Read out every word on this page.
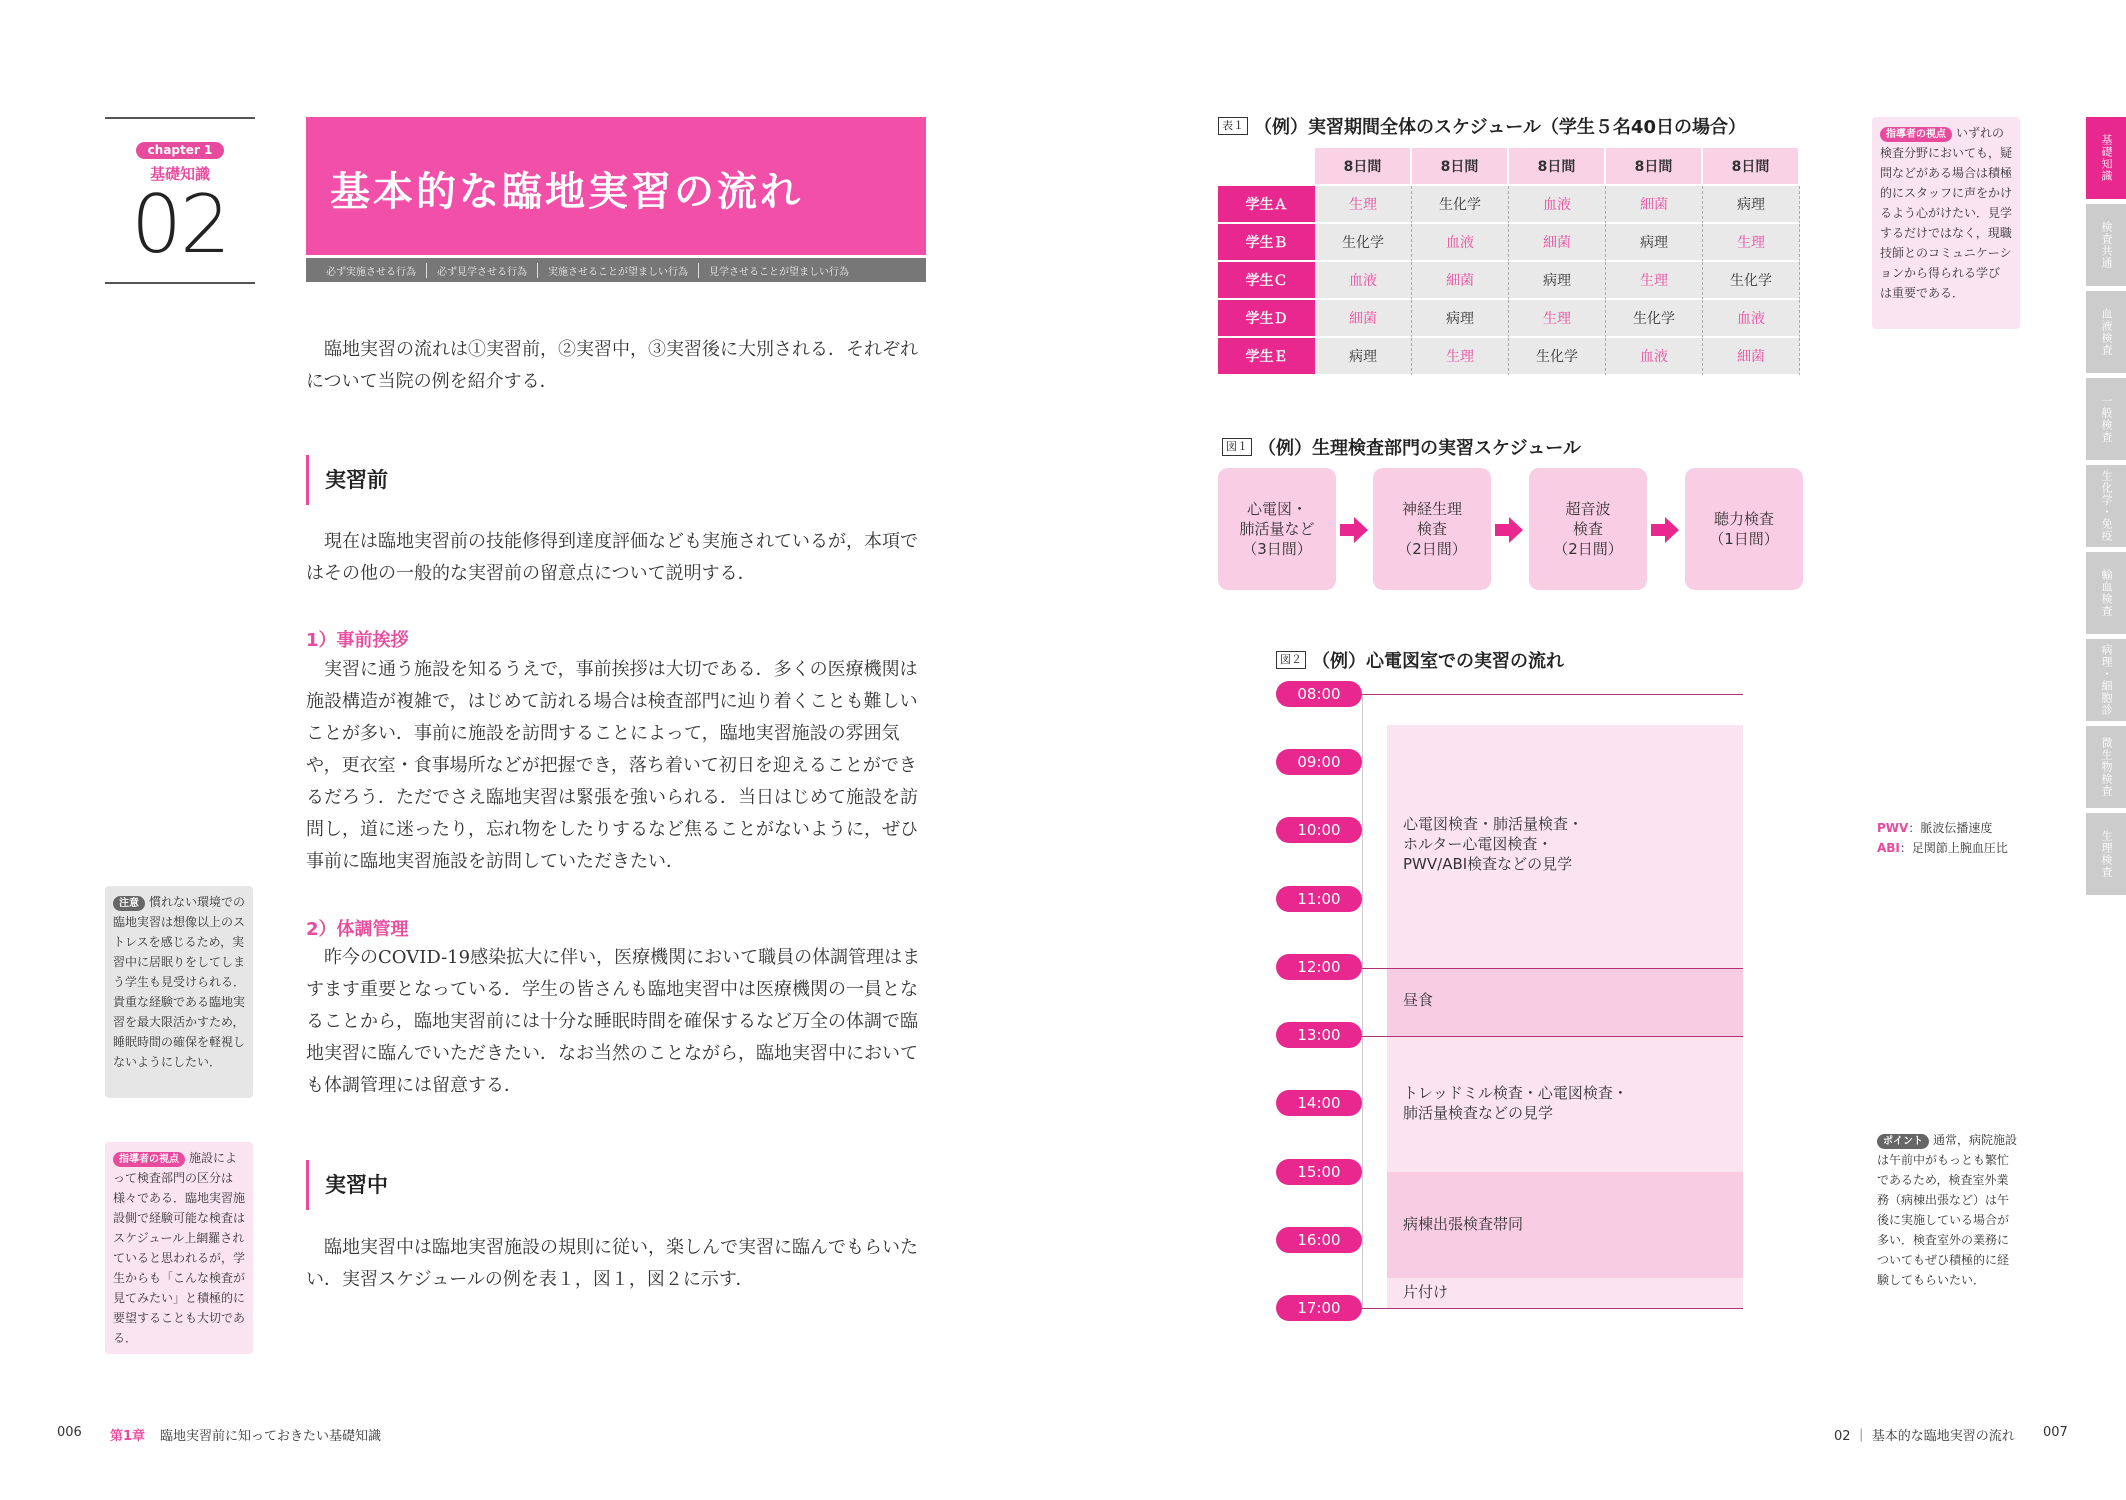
chapter 1
基礎知識
02	基本的な臨地実習の流れ
必ず実施させる行為	必ず見学させる行為	実施させることが望ましい行為	見学させることが望ましい行為
臨地実習の流れは①実習前，②実習中，③実習後に大別される．それぞれについて当院の例を紹介する．
実習前
現在は臨地実習前の技能修得到達度評価なども実施されているが，本項ではその他の一般的な実習前の留意点について説明する．
1）事前挨拶
実習に通う施設を知るうえで，事前挨拶は大切である．多くの医療機関は施設構造が複雑で，はじめて訪れる場合は検査部門に辿り着くことも難しいことが多い．事前に施設を訪問することによって，臨地実習施設の雰囲気や，更衣室・食事場所などが把握でき，落ち着いて初日を迎えることができるだろう．ただでさえ臨地実習は緊張を強いられる．当日はじめて施設を訪問し，道に迷ったり，忘れ物をしたりするなど焦ることがないように，ぜひ事前に臨地実習施設を訪問していただきたい．
2）体調管理
昨今のCOVID-19感染拡大に伴い，医療機関において職員の体調管理はますます重要となっている．学生の皆さんも臨地実習中は医療機関の一員となることから，臨地実習前には十分な睡眠時間を確保するなど万全の体調で臨地実習に臨んでいただきたい．なお当然のことながら，臨地実習中においても体調管理には留意する．
実習中
臨地実習中は臨地実習施設の規則に従い，楽しんで実習に臨んでもらいたい．実習スケジュールの例を表１，図１，図２に示す．
注意 慣れない環境での臨地実習は想像以上のストレスを感じるため，実習中に居眠りをしてしまう学生も見受けられる．貴重な経験である臨地実習を最大限活かすため，睡眠時間の確保を軽視しないようにしたい．
指導者の視点 施設によって検査部門の区分は様々である．臨地実習施設側で経験可能な検査はスケジュール上網羅されていると思われるが，学生からも「こんな検査が見てみたい」と積極的に要望することも大切である．
表１ （例）実習期間全体のスケジュール（学生５名40日の場合）
	8日間	8日間	8日間	8日間	8日間
学生Ａ	生理	生化学	血液	細菌	病理
学生Ｂ	生化学	血液	細菌	病理	生理
学生Ｃ	血液	細菌	病理	生理	生化学
学生Ｄ	細菌	病理	生理	生化学	血液
学生Ｅ	病理	生理	生化学	血液	細菌
図１ （例）生理検査部門の実習スケジュール
心電図・
肺活量など
（3日間）
神経生理
検査
（2日間）
超音波
検査
（2日間）
聴力検査
（1日間）
図２ （例）心電図室での実習の流れ
08:00
09:00
10:00
11:00
12:00
13:00
14:00
15:00
16:00
17:00
心電図検査・肺活量検査・
ホルター心電図検査・
PWV/ABI検査などの見学
昼食
トレッドミル検査・心電図検査・
肺活量検査などの見学
病棟出張検査帯同
片付け
指導者の視点 いずれの検査分野においても，疑問などがある場合は積極的にスタッフに声をかけるよう心がけたい．見学するだけではなく，現職技師とのコミュニケーションから得られる学びは重要である．
PWV：脈波伝播速度
ABI：足関節上腕血圧比
ポイント 通常，病院施設は午前中がもっとも繁忙であるため，検査室外業務（病棟出張など）は午後に実施している場合が多い．検査室外の業務についてもぜひ積極的に経験してもらいたい．
基礎知識
検査共通
血液検査
一般検査
生化学・免疫
輸血検査
病理・細胞診
微生物検査
生理検査
006 第1章 臨地実習前に知っておきたい基礎知識	02 ｜ 基本的な臨地実習の流れ 007
